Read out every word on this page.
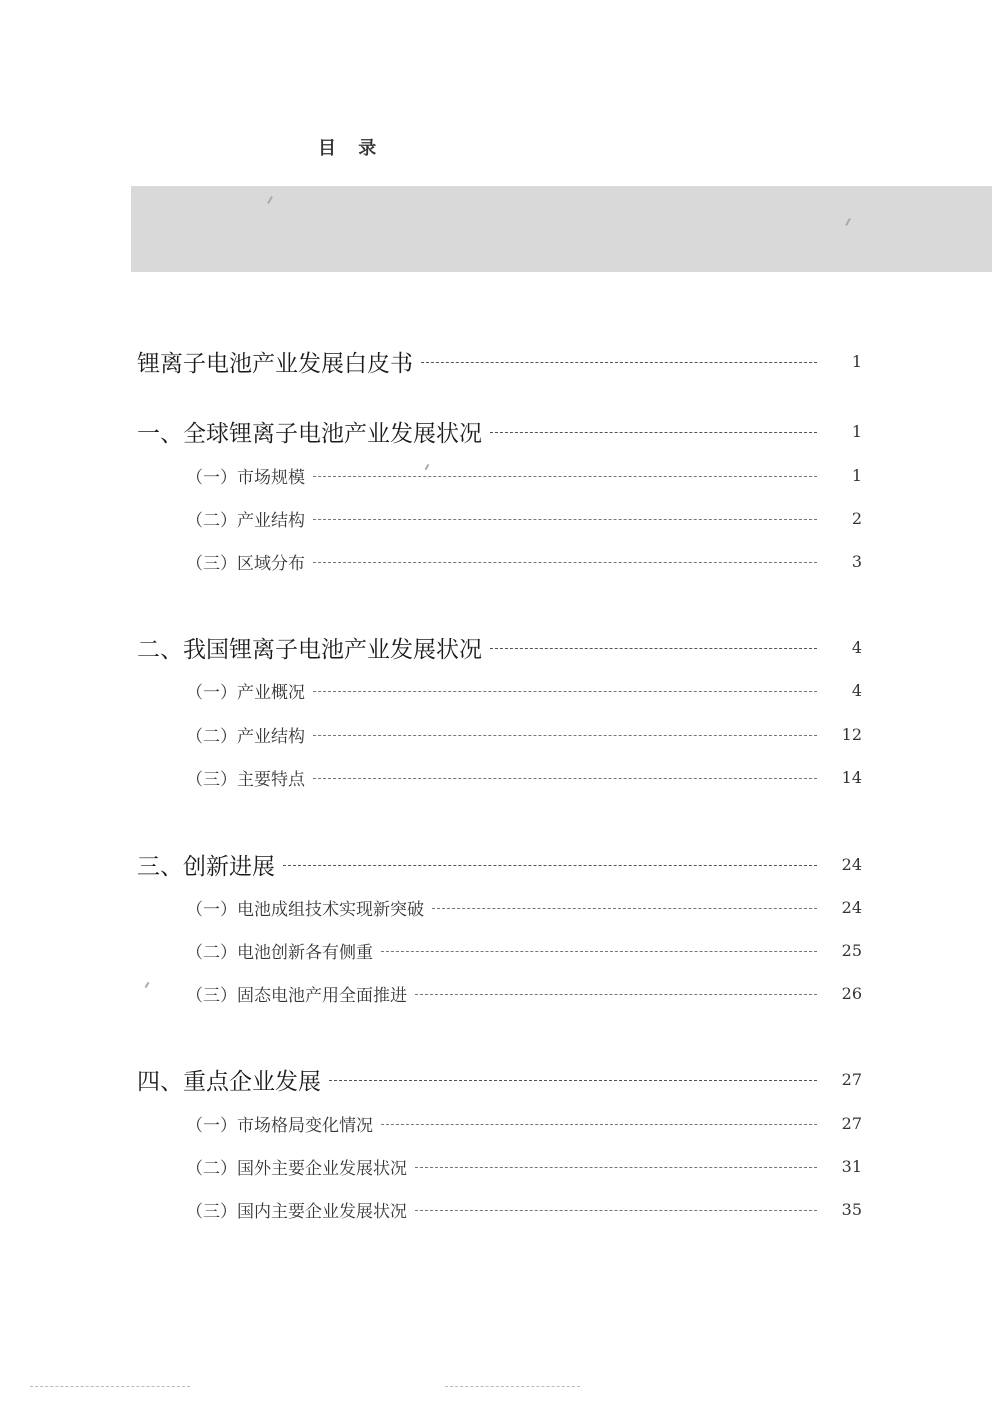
目 录
锂离子电池产业发展白皮书	1
一、全球锂离子电池产业发展状况	1
（一）市场规模	1
（二）产业结构	2
（三）区域分布	3
二、我国锂离子电池产业发展状况	4
（一）产业概况	4
（二）产业结构	12
（三）主要特点	14
三、创新进展	24
（一）电池成组技术实现新突破	24
（二）电池创新各有侧重	25
（三）固态电池产用全面推进	26
四、重点企业发展	27
（一）市场格局变化情况	27
（二）国外主要企业发展状况	31
（三）国内主要企业发展状况	35
